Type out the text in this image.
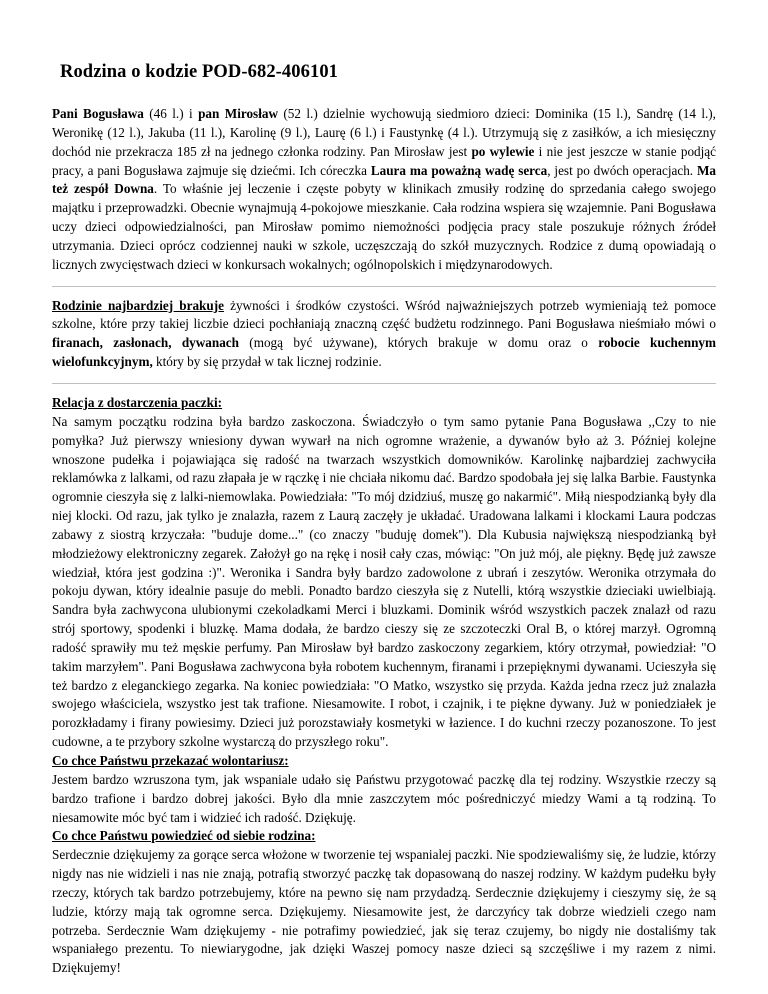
Rodzina o kodzie POD-682-406101

Pani Bogusława (46 l.) i pan Mirosław (52 l.) dzielnie wychowują siedmioro dzieci: Dominika (15 l.), Sandrę (14 l.), Weronikę (12 l.), Jakuba (11 l.), Karolinę (9 l.), Laurę (6 l.) i Faustynkę (4 l.). Utrzymują się z zasiłków, a ich miesięczny dochód nie przekracza 185 zł na jednego członka rodziny. Pan Mirosław jest po wylewie i nie jest jeszcze w stanie podjąć pracy, a pani Bogusława zajmuje się dziećmi. Ich córeczka Laura ma poważną wadę serca, jest po dwóch operacjach. Ma też zespół Downa. To właśnie jej leczenie i częste pobyty w klinikach zmusiły rodzinę do sprzedania całego swojego majątku i przeprowadzki. Obecnie wynajmują 4-pokojowe mieszkanie. Cała rodzina wspiera się wzajemnie. Pani Bogusława uczy dzieci odpowiedzialności, pan Mirosław pomimo niemożności podjęcia pracy stale poszukuje różnych źródeł utrzymania. Dzieci oprócz codziennej nauki w szkole, uczęszczają do szkół muzycznych. Rodzice z dumą opowiadają o licznych zwycięstwach dzieci w konkursach wokalnych; ogólnopolskich i międzynarodowych.

Rodzinie najbardziej brakuje żywności i środków czystości. Wśród najważniejszych potrzeb wymieniają też pomoce szkolne, które przy takiej liczbie dzieci pochłaniają znaczną część budżetu rodzinnego. Pani Bogusława nieśmiało mówi o firanach, zasłonach, dywanach (mogą być używane), których brakuje w domu oraz o robocie kuchennym wielofunkcyjnym, który by się przydał w tak licznej rodzinie.

Relacja z dostarczenia paczki:
Na samym początku rodzina była bardzo zaskoczona. Świadczyło o tym samo pytanie Pana Bogusława ,,Czy to nie pomyłka? Już pierwszy wniesiony dywan wywarł na nich ogromne wrażenie, a dywanów było aż 3. Później kolejne wnoszone pudełka i pojawiająca się radość na twarzach wszystkich domowników. Karolinkę najbardziej zachwyciła reklamówka z lalkami, od razu złapała je w rączkę i nie chciała nikomu dać. Bardzo spodobała jej się lalka Barbie. Faustynka ogromnie cieszyła się z lalki-niemowlaka. Powiedziała: "To mój dzidziuś, muszę go nakarmić". Miłą niespodzianką były dla niej klocki. Od razu, jak tylko je znalazła, razem z Laurą zaczęły je układać. Uradowana lalkami i klockami Laura podczas zabawy z siostrą krzyczała: "buduje dome..." (co znaczy "buduję domek"). Dla Kubusia największą niespodzianką był młodzieżowy elektroniczny zegarek. Założył go na rękę i nosił cały czas, mówiąc: "On już mój, ale piękny. Będę już zawsze wiedział, która jest godzina :)". Weronika i Sandra były bardzo zadowolone z ubrań i zeszytów. Weronika otrzymała do pokoju dywan, który idealnie pasuje do mebli. Ponadto bardzo cieszyła się z Nutelli, którą wszystkie dzieciaki uwielbiają. Sandra była zachwycona ulubionymi czekoladkami Merci i bluzkami. Dominik wśród wszystkich paczek znalazł od razu strój sportowy, spodenki i bluzkę. Mama dodała, że bardzo cieszy się ze szczoteczki Oral B, o której marzył. Ogromną radość sprawiły mu też męskie perfumy. Pan Mirosław był bardzo zaskoczony zegarkiem, który otrzymał, powiedział: "O takim marzyłem". Pani Bogusława zachwycona była robotem kuchennym, firanami i przepięknymi dywanami. Ucieszyła się też bardzo z eleganckiego zegarka. Na koniec powiedziała: "O Matko, wszystko się przyda. Każda jedna rzecz już znalazła swojego właściciela, wszystko jest tak trafione. Niesamowite. I robot, i czajnik, i te piękne dywany. Już w poniedziałek je porozkładamy i firany powiesimy. Dzieci już porozstawiały kosmetyki w łazience. I do kuchni rzeczy pozanoszone. To jest cudowne, a te przybory szkolne wystarczą do przyszłego roku".
Co chce Państwu przekazać wolontariusz:
Jestem bardzo wzruszona tym, jak wspaniale udało się Państwu przygotować paczkę dla tej rodziny. Wszystkie rzeczy są bardzo trafione i bardzo dobrej jakości. Było dla mnie zaszczytem móc pośredniczyć miedzy Wami a tą rodziną. To niesamowite móc być tam i widzieć ich radość. Dziękuję.
Co chce Państwu powiedzieć od siebie rodzina:
Serdecznie dziękujemy za gorące serca włożone w tworzenie tej wspanialej paczki. Nie spodziewaliśmy się, że ludzie, którzy nigdy nas nie widzieli i nas nie znają, potrafią stworzyć paczkę tak dopasowaną do naszej rodziny. W każdym pudełku były rzeczy, których tak bardzo potrzebujemy, które na pewno się nam przydadzą. Serdecznie dziękujemy i cieszymy się, że są ludzie, którzy mają tak ogromne serca. Dziękujemy. Niesamowite jest, że darczyńcy tak dobrze wiedzieli czego nam potrzeba. Serdecznie Wam dziękujemy - nie potrafimy powiedzieć, jak się teraz czujemy, bo nigdy nie dostaliśmy tak wspaniałego prezentu. To niewiarygodne, jak dzięki Waszej pomocy nasze dzieci są szczęśliwe i my razem z nimi. Dziękujemy!
